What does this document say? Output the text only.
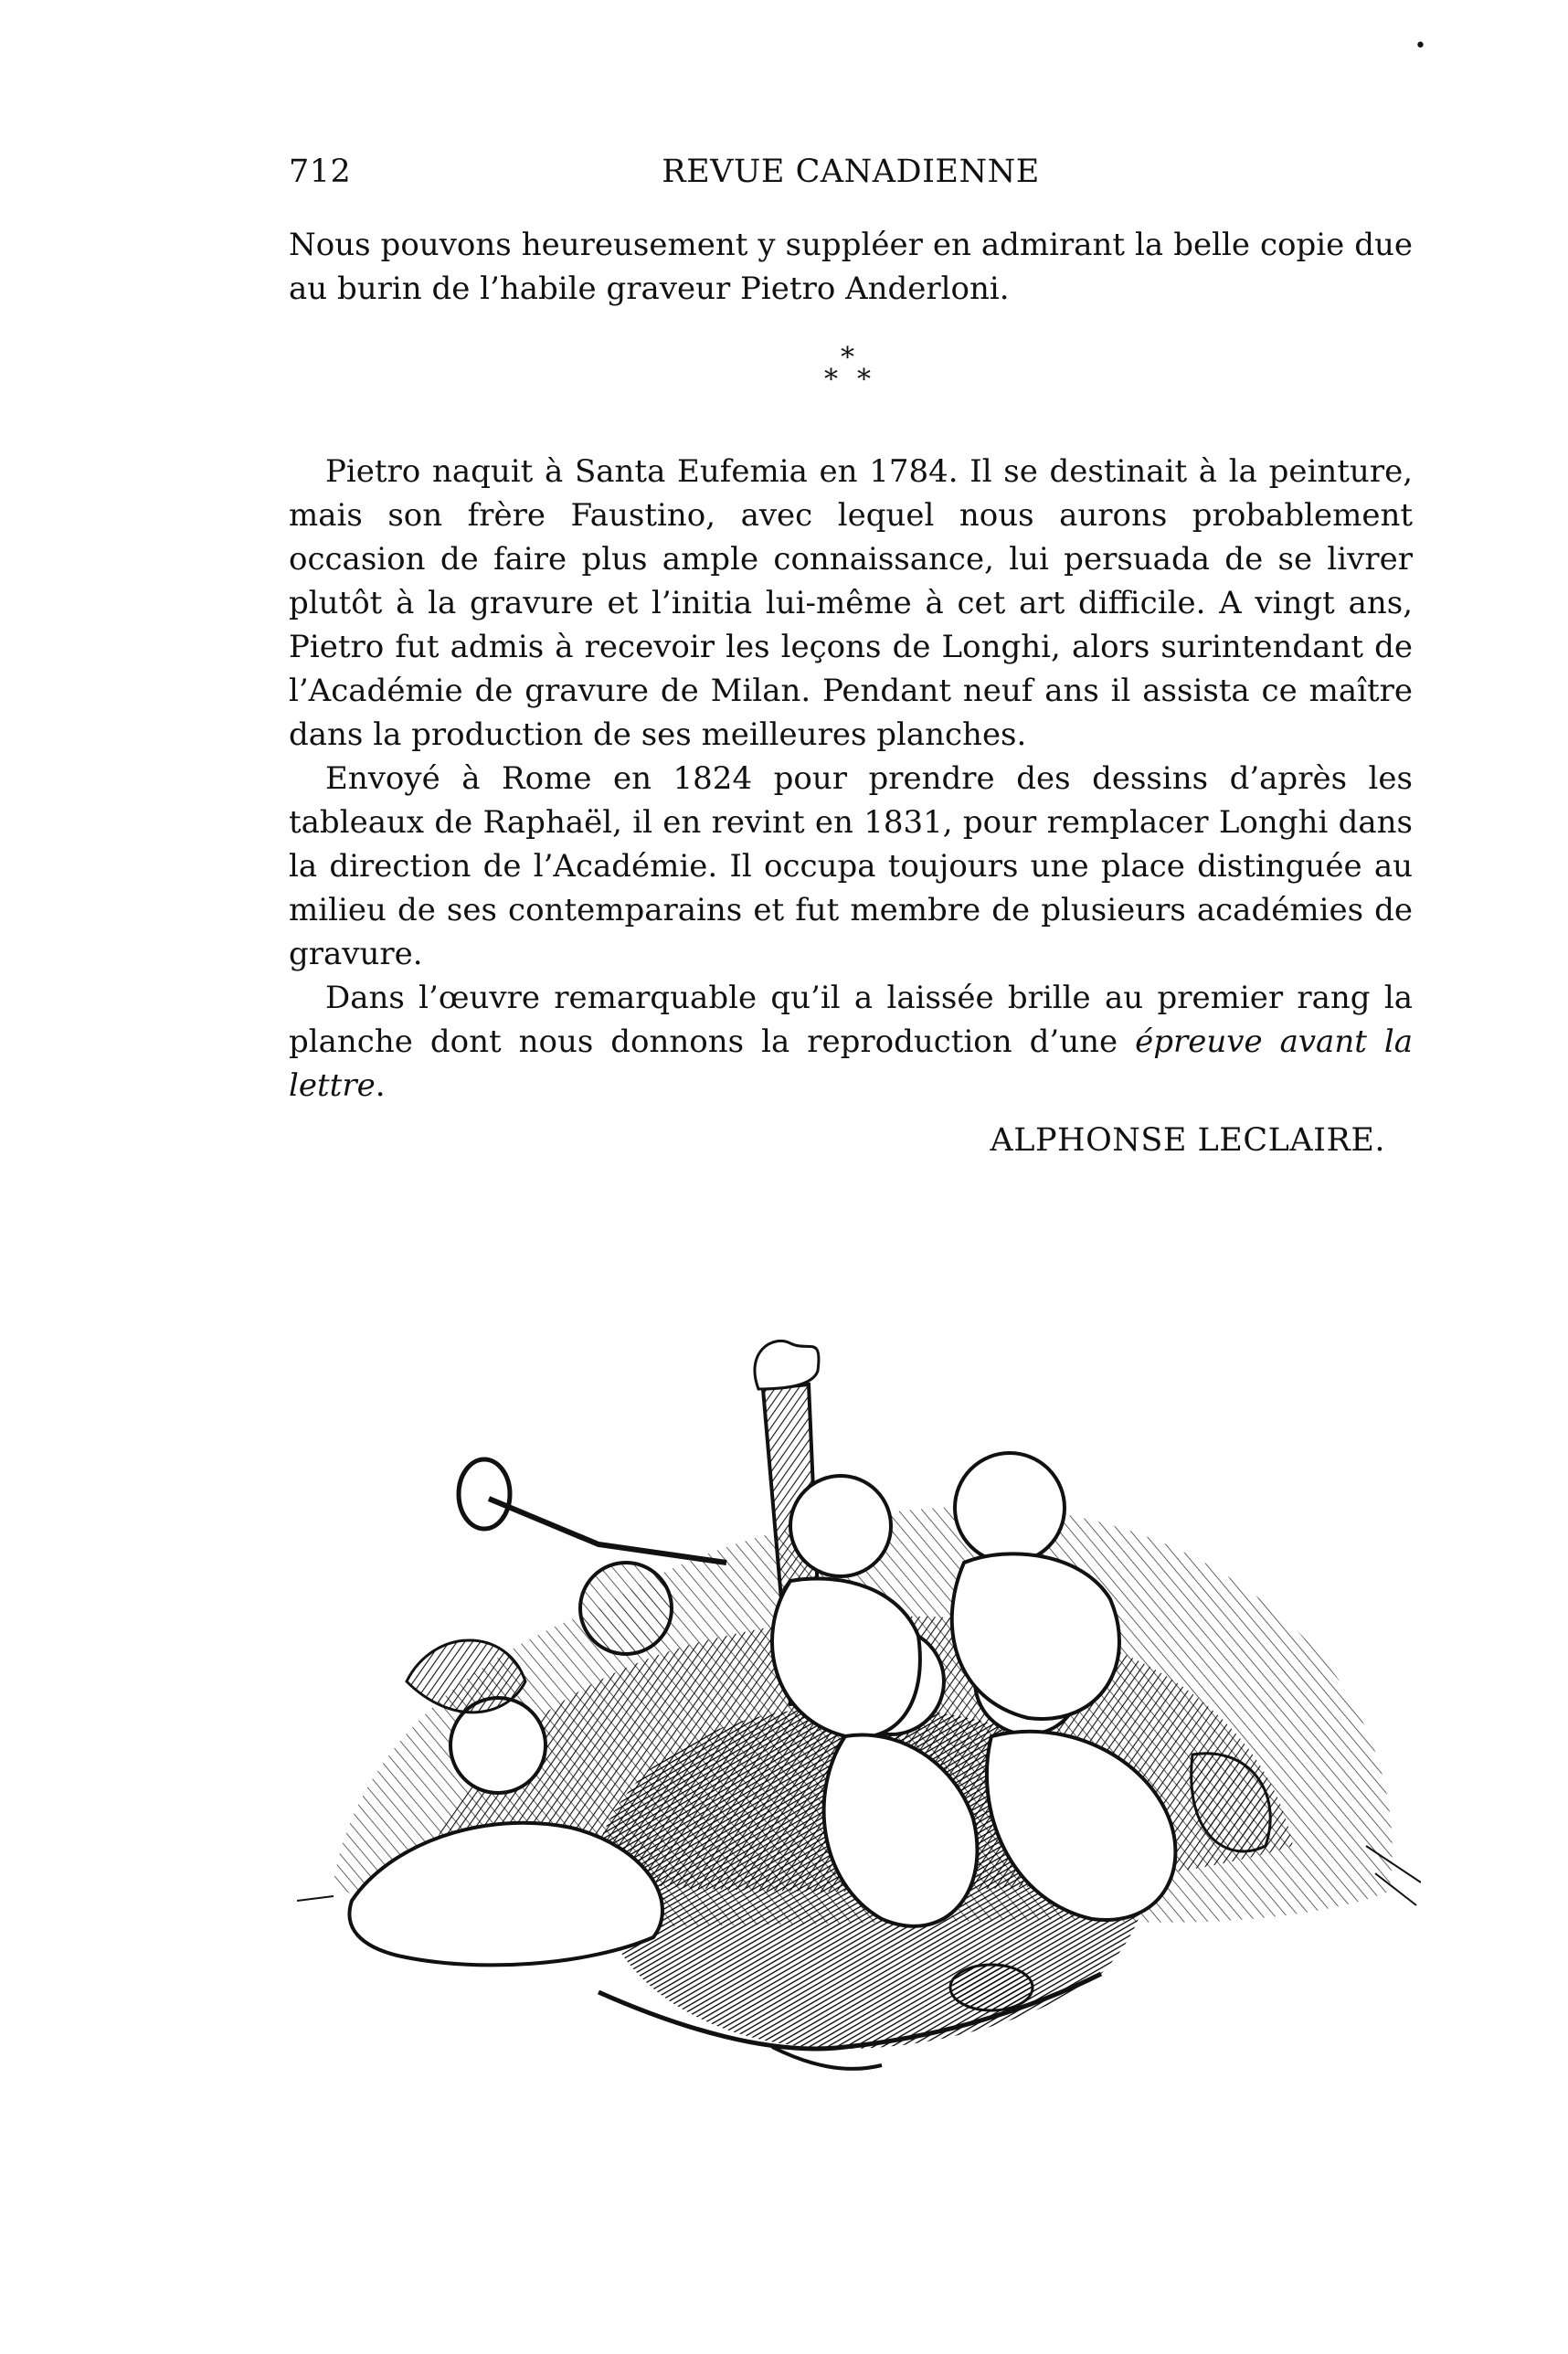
•
712	REVUE CANADIENNE

Nous pouvons heureusement y suppléer en admirant la belle copie due au burin de l’habile graveur Pietro Anderloni.

*
* *

Pietro naquit à Santa Eufemia en 1784. Il se destinait à la peinture, mais son frère Faustino, avec lequel nous aurons probablement occasion de faire plus ample connaissance, lui persuada de se livrer plutôt à la gravure et l’initia lui-même à cet art difficile. A vingt ans, Pietro fut admis à recevoir les leçons de Longhi, alors surintendant de l’Académie de gravure de Milan. Pendant neuf ans il assista ce maître dans la production de ses meilleures planches.

Envoyé à Rome en 1824 pour prendre des dessins d’après les tableaux de Raphaël, il en revint en 1831, pour remplacer Longhi dans la direction de l’Académie. Il occupa toujours une place distinguée au milieu de ses contemparains et fut membre de plusieurs académies de gravure.

Dans l’œuvre remarquable qu’il a laissée brille au premier rang la planche dont nous donnons la reproduction d’une épreuve avant la lettre.

ALPHONSE LECLAIRE.
